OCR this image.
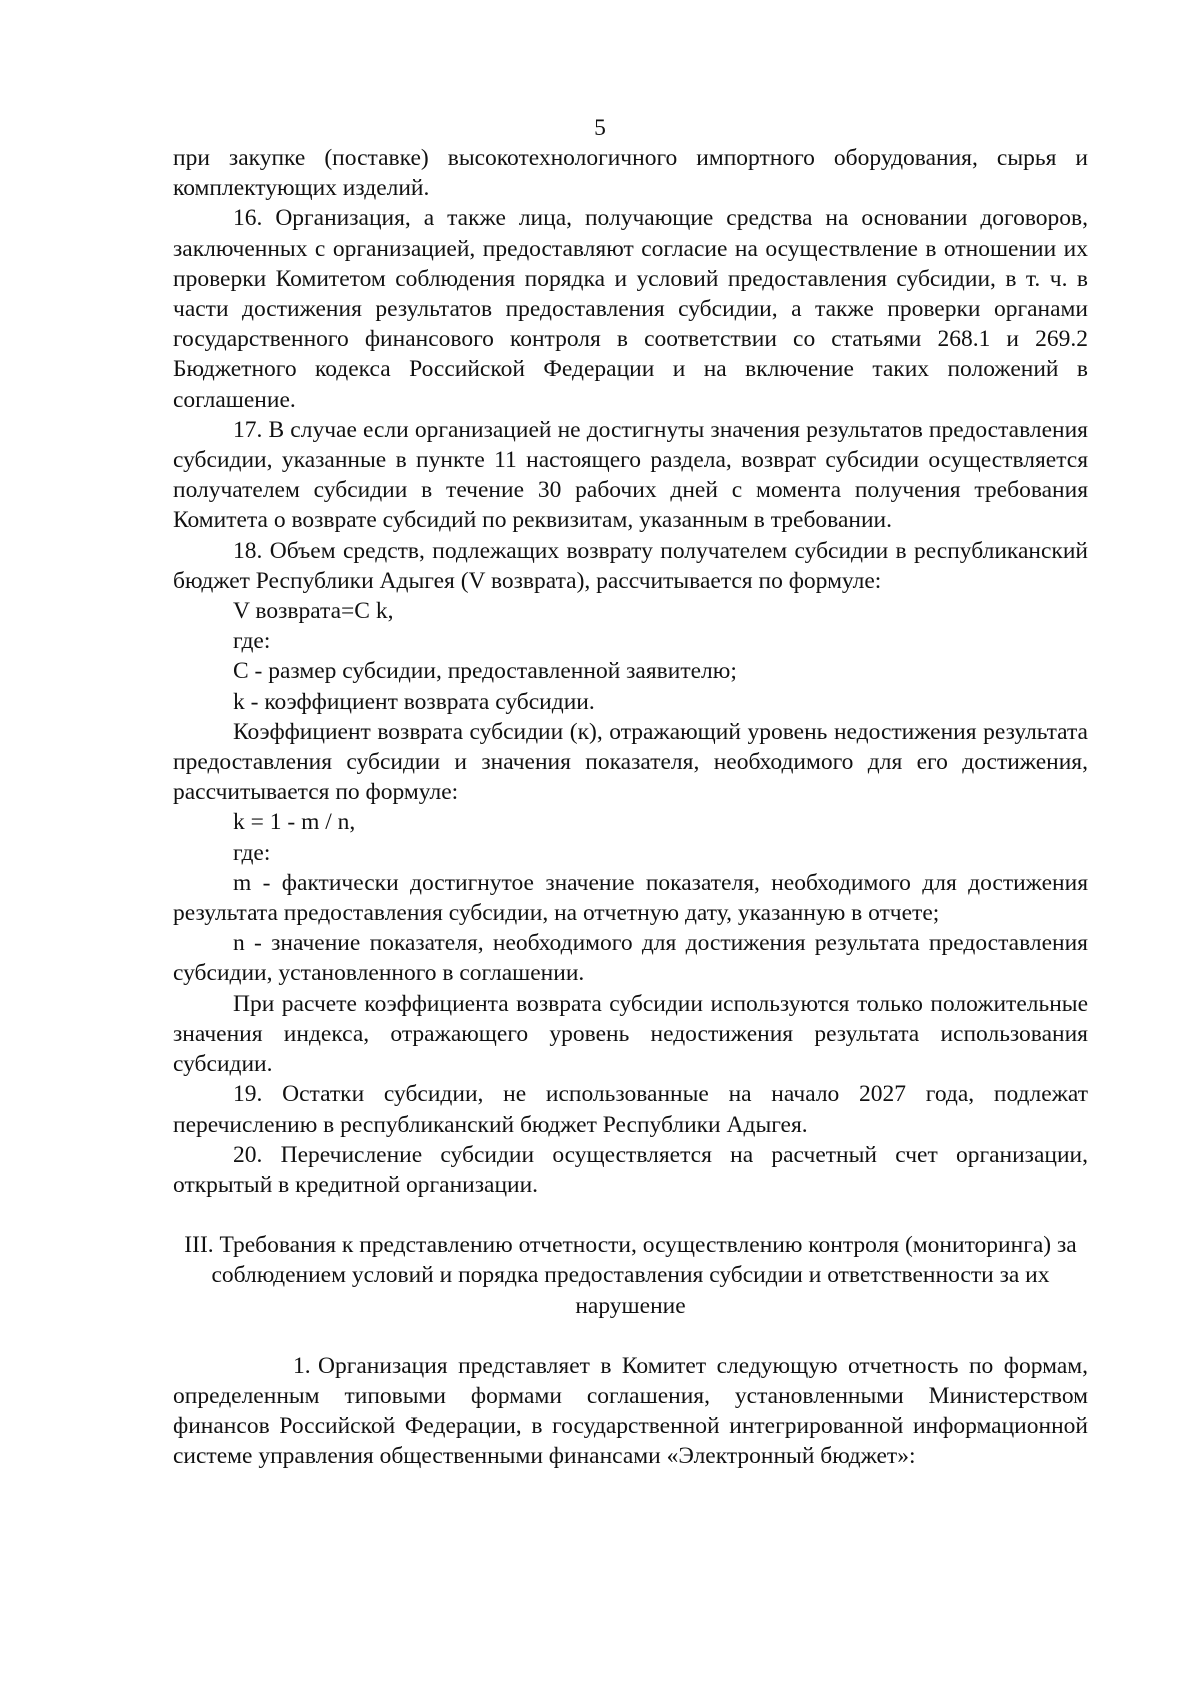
5

при закупке (поставке) высокотехнологичного импортного оборудования, сырья и комплектующих изделий.

16. Организация, а также лица, получающие средства на основании договоров, заключенных с организацией, предоставляют согласие на осуществление в отношении их проверки Комитетом соблюдения порядка и условий предоставления субсидии, в т. ч. в части достижения результатов предоставления субсидии, а также проверки органами государственного финансового контроля в соответствии со статьями 268.1 и 269.2 Бюджетного кодекса Российской Федерации и на включение таких положений в соглашение.

17. В случае если организацией не достигнуты значения результатов предоставления субсидии, указанные в пункте 11 настоящего раздела, возврат субсидии осуществляется получателем субсидии в течение 30 рабочих дней с момента получения требования Комитета о возврате субсидий по реквизитам, указанным в требовании.

18. Объем средств, подлежащих возврату получателем субсидии в республиканский бюджет Республики Адыгея (V возврата), рассчитывается по формуле:

V возврата=С k,

где:

С - размер субсидии, предоставленной заявителю;

k - коэффициент возврата субсидии.

Коэффициент возврата субсидии (к), отражающий уровень недостижения результата предоставления субсидии и значения показателя, необходимого для его достижения, рассчитывается по формуле:

k = 1 - m / n,

где:

m - фактически достигнутое значение показателя, необходимого для достижения результата предоставления субсидии, на отчетную дату, указанную в отчете;

n - значение показателя, необходимого для достижения результата предоставления субсидии, установленного в соглашении.

При расчете коэффициента возврата субсидии используются только положительные значения индекса, отражающего уровень недостижения результата использования субсидии.

19. Остатки субсидии, не использованные на начало 2027 года, подлежат перечислению в республиканский бюджет Республики Адыгея.

20. Перечисление субсидии осуществляется на расчетный счет организации, открытый в кредитной организации.

III. Требования к представлению отчетности, осуществлению контроля (мониторинга) за соблюдением условий и порядка предоставления субсидии и ответственности за их нарушение

1. Организация представляет в Комитет следующую отчетность по формам, определенным типовыми формами соглашения, установленными Министерством финансов Российской Федерации, в государственной интегрированной информационной системе управления общественными финансами «Электронный бюджет»:
